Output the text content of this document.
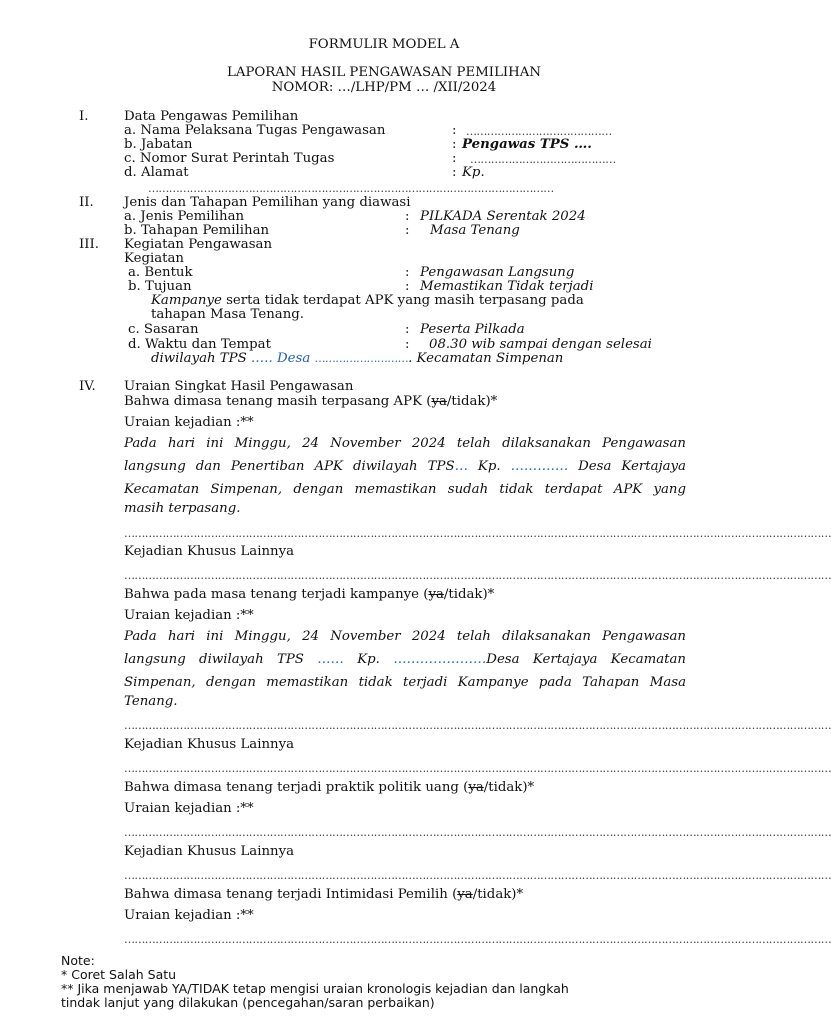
FORMULIR MODEL A
LAPORAN HASIL PENGAWASAN PEMILIHAN
NOMOR: …/LHP/PM … /XII/2024
I.	Data Pengawas Pemilihan
a. Nama Pelaksana Tugas Pengawasan	: ……………………………………
b. Jabatan	: Pengawas TPS ….
c. Nomor Surat Perintah Tugas	: ……………………………………
d. Alamat	: Kp.
………………………………………………………………………………………………………
II. Jenis dan Tahapan Pemilihan yang diawasi
a. Jenis Pemilihan	: PILKADA Serentak 2024
b. Tahapan Pemilihan	: Masa Tenang
III. Kegiatan Pengawasan
Kegiatan
a. Bentuk	: Pengawasan Langsung
b. Tujuan	: Memastikan Tidak terjadi
Kampanye serta tidak terdapat APK yang masih terpasang pada
tahapan Masa Tenang.
c. Sasaran	: Peserta Pilkada
d. Waktu dan Tempat	: 08.30 wib sampai dengan selesai
diwilayah TPS .…. Desa ………………………. Kecamatan Simpenan
IV. Uraian Singkat Hasil Pengawasan
Bahwa dimasa tenang masih terpasang APK (ya/tidak)*
Uraian kejadian :**
Pada hari ini Minggu, 24 November 2024 telah dilaksanakan Pengawasan
langsung dan Penertiban APK diwilayah TPS… Kp. …………. Desa Kertajaya
Kecamatan Simpenan, dengan memastikan sudah tidak terdapat APK yang
masih terpasang.
……………………………………………………………………………………………………………………………………………………………………………………
Kejadian Khusus Lainnya
……………………………………………………………………………………………………………………………………………………………………………………
Bahwa pada masa tenang terjadi kampanye (ya/tidak)*
Uraian kejadian :**
Pada hari ini Minggu, 24 November 2024 telah dilaksanakan Pengawasan
langsung diwilayah TPS …… Kp. …………………Desa Kertajaya Kecamatan
Simpenan, dengan memastikan tidak terjadi Kampanye pada Tahapan Masa
Tenang.
……………………………………………………………………………………………………………………………………………………………………………………
Kejadian Khusus Lainnya
……………………………………………………………………………………………………………………………………………………………………………………
Bahwa dimasa tenang terjadi praktik politik uang (ya/tidak)*
Uraian kejadian :**
……………………………………………………………………………………………………………………………………………………………………………………
Kejadian Khusus Lainnya
……………………………………………………………………………………………………………………………………………………………………………………
Bahwa dimasa tenang terjadi Intimidasi Pemilih (ya/tidak)*
Uraian kejadian :**
……………………………………………………………………………………………………………………………………………………………………………………
Note:
* Coret Salah Satu
** Jika menjawab YA/TIDAK tetap mengisi uraian kronologis kejadian dan langkah
tindak lanjut yang dilakukan (pencegahan/saran perbaikan)
